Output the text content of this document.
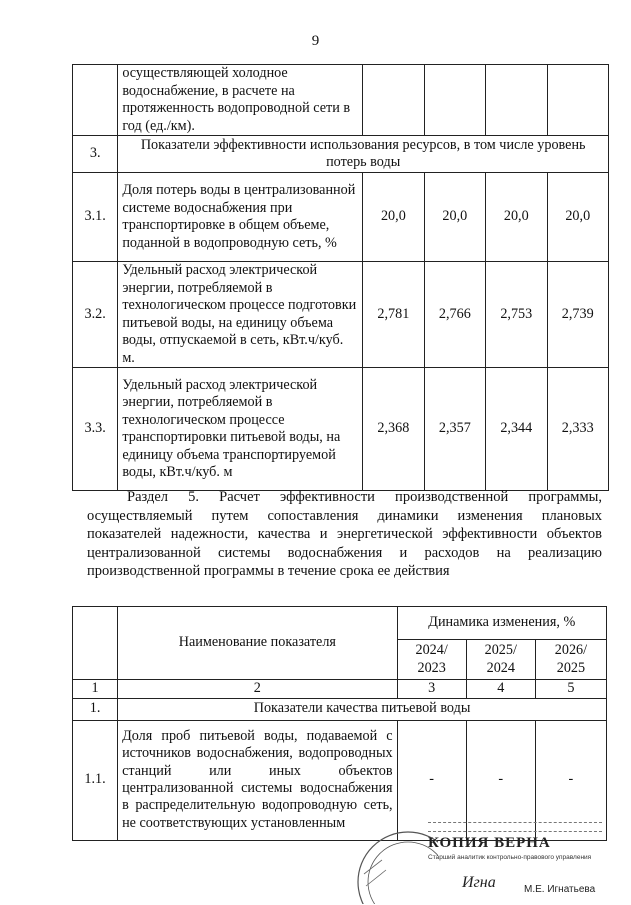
9
	осуществляющей холодное водоснабжение, в расчете на протяженность водопроводной сети в год (ед./км).				
3.	Показатели эффективности использования ресурсов, в том числе уровень потерь воды				
3.1.	Доля потерь воды в централизованной системе водоснабжения при транспортировке в общем объеме, поданной в водопроводную сеть, %	20,0	20,0	20,0	20,0
3.2.	Удельный расход электрической энергии, потребляемой в технологическом процессе подготовки питьевой воды, на единицу объема воды, отпускаемой в сеть, кВт.ч/куб. м.	2,781	2,766	2,753	2,739
3.3.	Удельный расход электрической энергии, потребляемой в технологическом процессе транспортировки питьевой воды, на единицу объема транспортируемой воды, кВт.ч/куб. м	2,368	2,357	2,344	2,333
Раздел 5. Расчет эффективности производственной программы, осуществляемый путем сопоставления динамики изменения плановых показателей надежности, качества и энергетической эффективности объектов централизованной системы водоснабжения и расходов на реализацию производственной программы в течение срока ее действия
	Наименование показателя	Динамика изменения, %		
		2024/ 2023	2025/ 2024	2026/ 2025
1	2	3	4	5
1.	Показатели качества питьевой воды			
1.1.	Доля проб питьевой воды, подаваемой с источников водоснабжения, водопроводных станций или иных объектов централизованной системы водоснабжения в распределительную водопроводную сеть, не соответствующих установленным	-	-	-

КОПИЯ ВЕРНА
Старший аналитик контрольно-правового управления
Игна	М.Е. Игнатьева
